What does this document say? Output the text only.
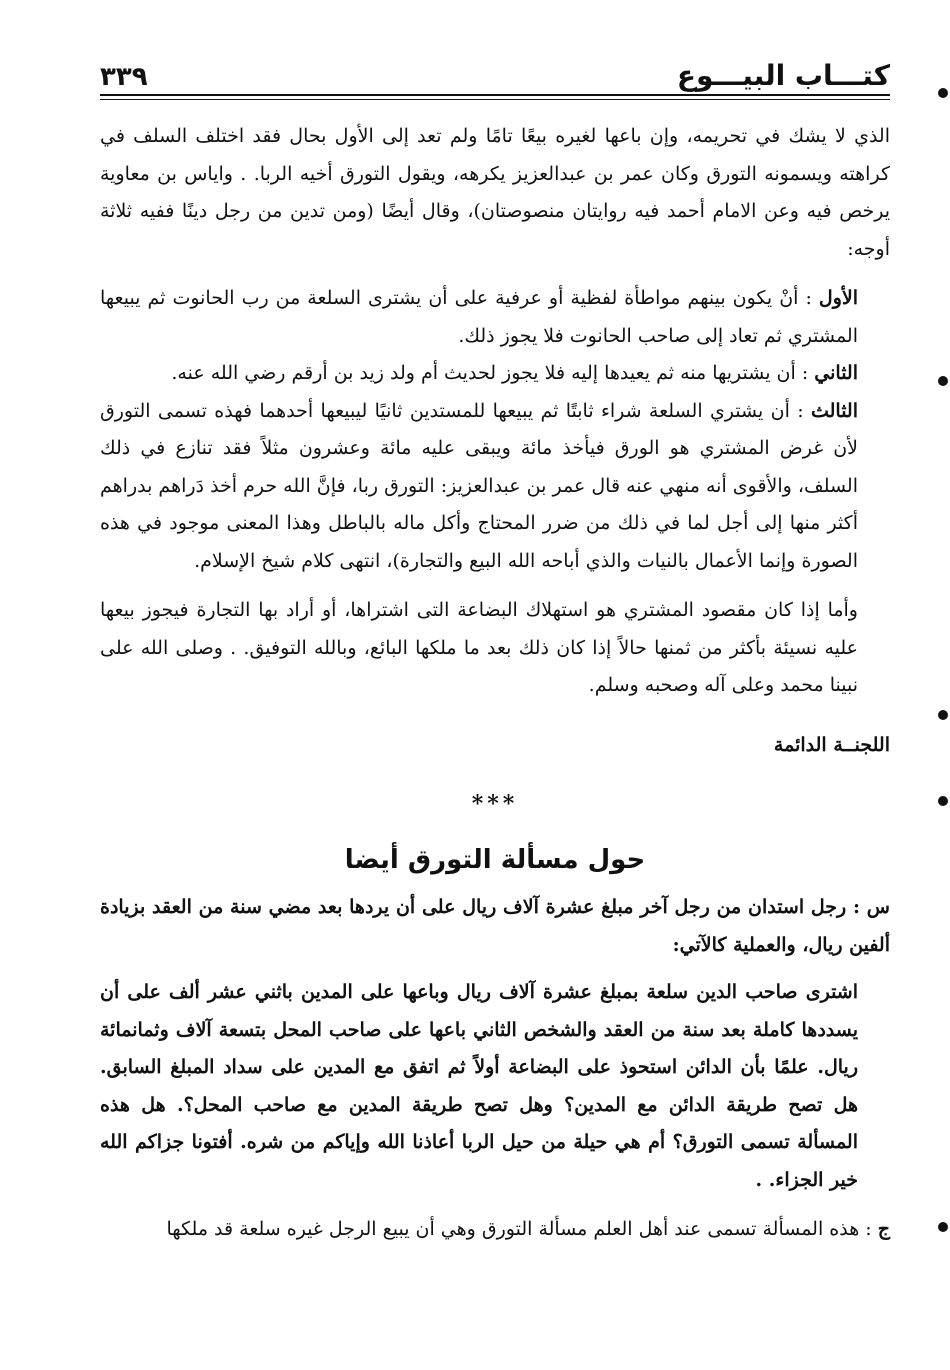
كتـــاب البيـــوع
٣٣٩

الذي لا يشك في تحريمه، وإن باعها لغيره بيعًا تامًا ولم تعد إلى الأول بحال فقد اختلف السلف في كراهته ويسمونه التورق وكان عمر بن عبدالعزيز يكرهه، ويقول التورق أخيه الربا. . واياس بن معاوية يرخص فيه وعن الامام أحمد فيه روايتان منصوصتان)، وقال أيضًا (ومن تدين من رجل دينًا ففيه ثلاثة أوجه:

الأول : أنْ يكون بينهم مواطأة لفظية أو عرفية على أن يشترى السلعة من رب الحانوت ثم يبيعها المشتري ثم تعاد إلى صاحب الحانوت فلا يجوز ذلك.

الثاني : أن يشتريها منه ثم يعيدها إليه فلا يجوز لحديث أم ولد زيد بن أرقم رضي الله عنه.

الثالث : أن يشتري السلعة شراء ثابتًا ثم يبيعها للمستدين ثانيًا ليبيعها أحدهما فهذه تسمى التورق لأن غرض المشتري هو الورق فيأخذ مائة ويبقى عليه مائة وعشرون مثلاً فقد تنازع في ذلك السلف، والأقوى أنه منهي عنه قال عمر بن عبدالعزيز: التورق ربا، فإنَّ الله حرم أخذ دَراهم بدراهم أكثر منها إلى أجل لما في ذلك من ضرر المحتاج وأكل ماله بالباطل وهذا المعنى موجود في هذه الصورة وإنما الأعمال بالنيات والذي أباحه الله البيع والتجارة)، انتهى كلام شيخ الإسلام.

وأما إذا كان مقصود المشتري هو استهلاك البضاعة التى اشتراها، أو أراد بها التجارة فيجوز بيعها عليه نسيئة بأكثر من ثمنها حالاً إذا كان ذلك بعد ما ملكها البائع، وبالله التوفيق. . وصلى الله على نبينا محمد وعلى آله وصحبه وسلم.

اللجنــة الدائمة

***

حول مسألة التورق أيضا

س : رجل استدان من رجل آخر مبلغ عشرة آلاف ريال على أن يردها بعد مضي سنة من العقد بزيادة ألفين ريال، والعملية كالآتي:

اشترى صاحب الدين سلعة بمبلغ عشرة آلاف ريال وباعها على المدين باثني عشر ألف على أن يسددها كاملة بعد سنة من العقد والشخص الثاني باعها على صاحب المحل بتسعة آلاف وثمانمائة ريال. علمًا بأن الدائن استحوذ على البضاعة أولاً ثم اتفق مع المدين على سداد المبلغ السابق. هل تصح طريقة الدائن مع المدين؟ وهل تصح طريقة المدين مع صاحب المحل؟. هل هذه المسألة تسمى التورق؟ أم هي حيلة من حيل الربا أعاذنا الله وإياكم من شره. أفتونا جزاكم الله خير الجزاء. .

ج : هذه المسألة تسمى عند أهل العلم مسألة التورق وهي أن يبيع الرجل غيره سلعة قد ملكها
